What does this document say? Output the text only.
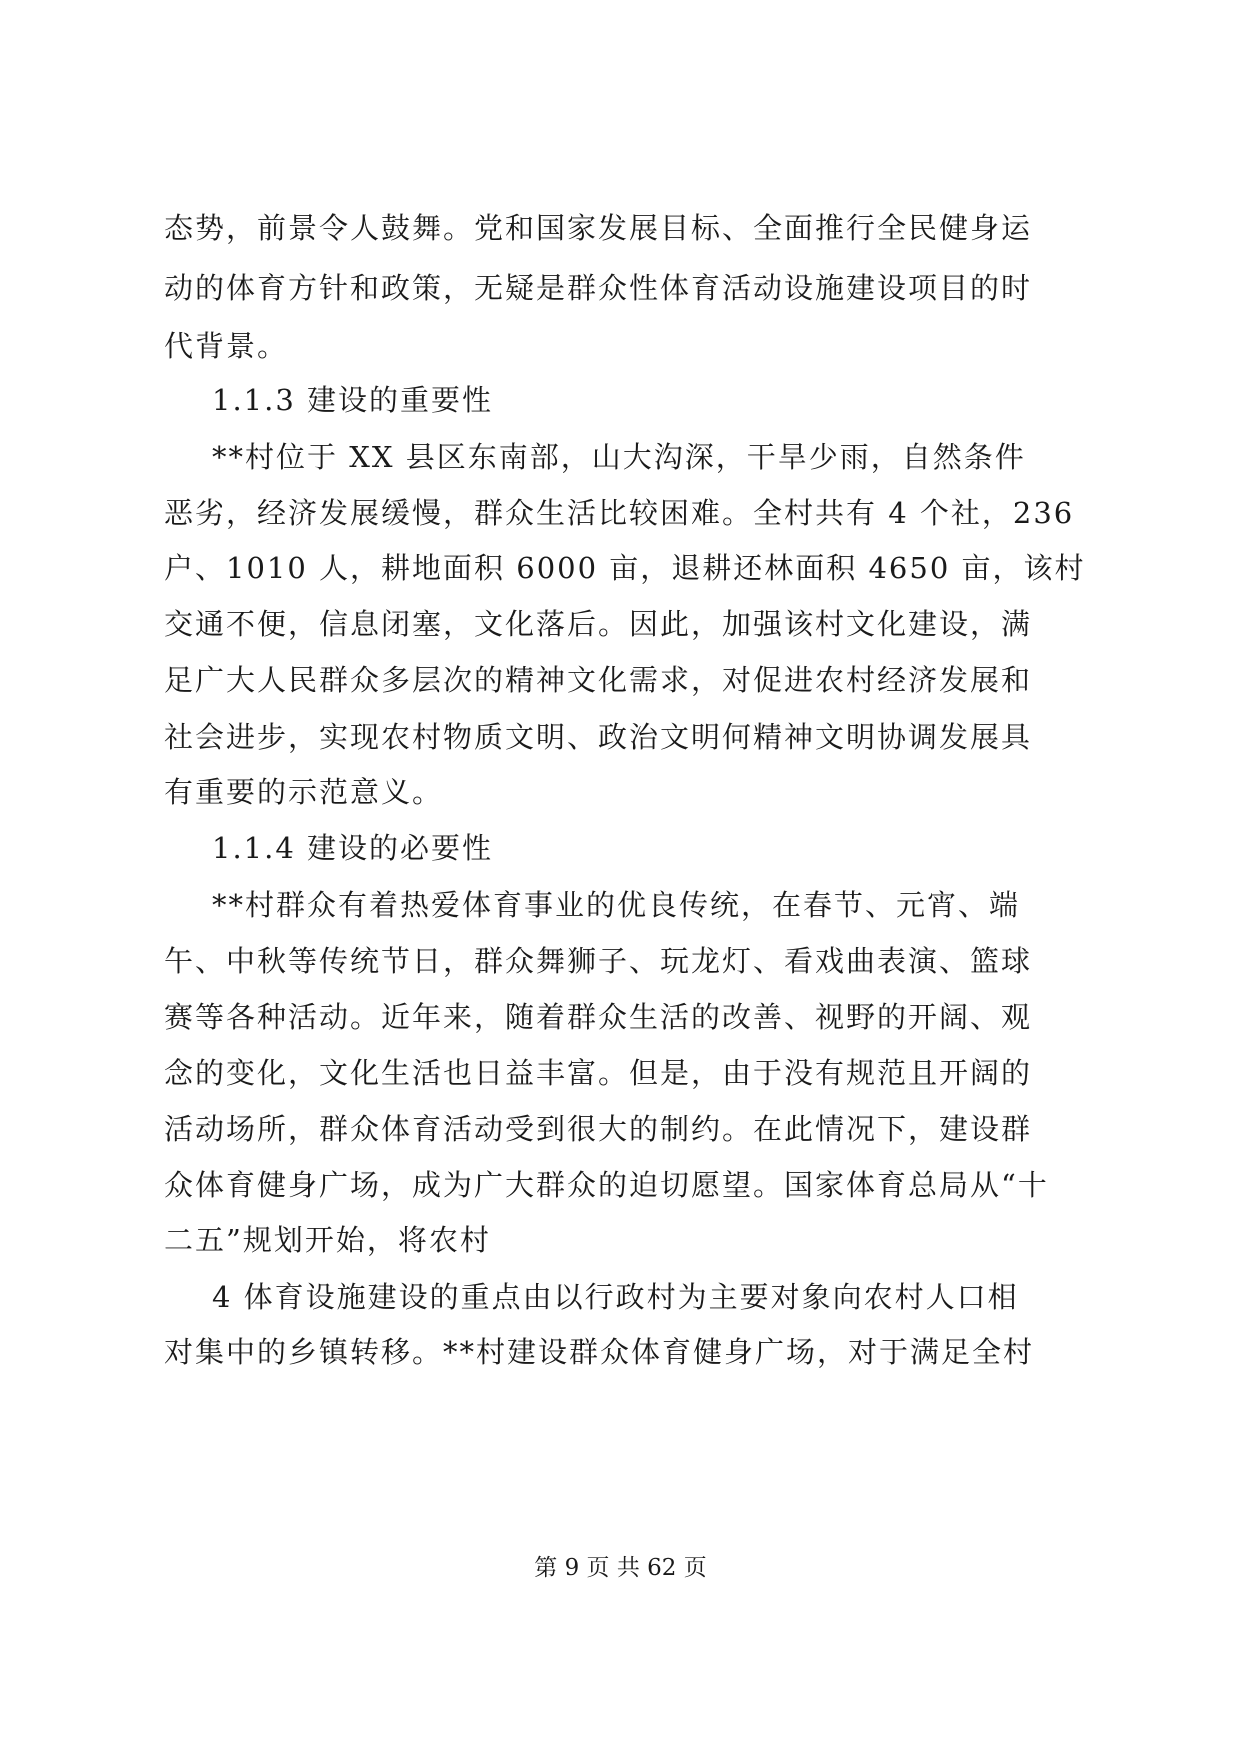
态势，前景令人鼓舞。党和国家发展目标、全面推行全民健身运
动的体育方针和政策，无疑是群众性体育活动设施建设项目的时
代背景。
1.1.3 建设的重要性
**村位于 XX 县区东南部，山大沟深，干旱少雨，自然条件
恶劣，经济发展缓慢，群众生活比较困难。全村共有 4 个社，236
户、1010 人，耕地面积 6000 亩，退耕还林面积 4650 亩，该村
交通不便，信息闭塞，文化落后。因此，加强该村文化建设，满
足广大人民群众多层次的精神文化需求，对促进农村经济发展和
社会进步，实现农村物质文明、政治文明何精神文明协调发展具
有重要的示范意义。
1.1.4 建设的必要性
**村群众有着热爱体育事业的优良传统，在春节、元宵、端
午、中秋等传统节日，群众舞狮子、玩龙灯、看戏曲表演、篮球
赛等各种活动。近年来，随着群众生活的改善、视野的开阔、观
念的变化，文化生活也日益丰富。但是，由于没有规范且开阔的
活动场所，群众体育活动受到很大的制约。在此情况下，建设群
众体育健身广场，成为广大群众的迫切愿望。国家体育总局从“十
二五”规划开始，将农村
4 体育设施建设的重点由以行政村为主要对象向农村人口相
对集中的乡镇转移。**村建设群众体育健身广场，对于满足全村
第 9 页 共 62 页
